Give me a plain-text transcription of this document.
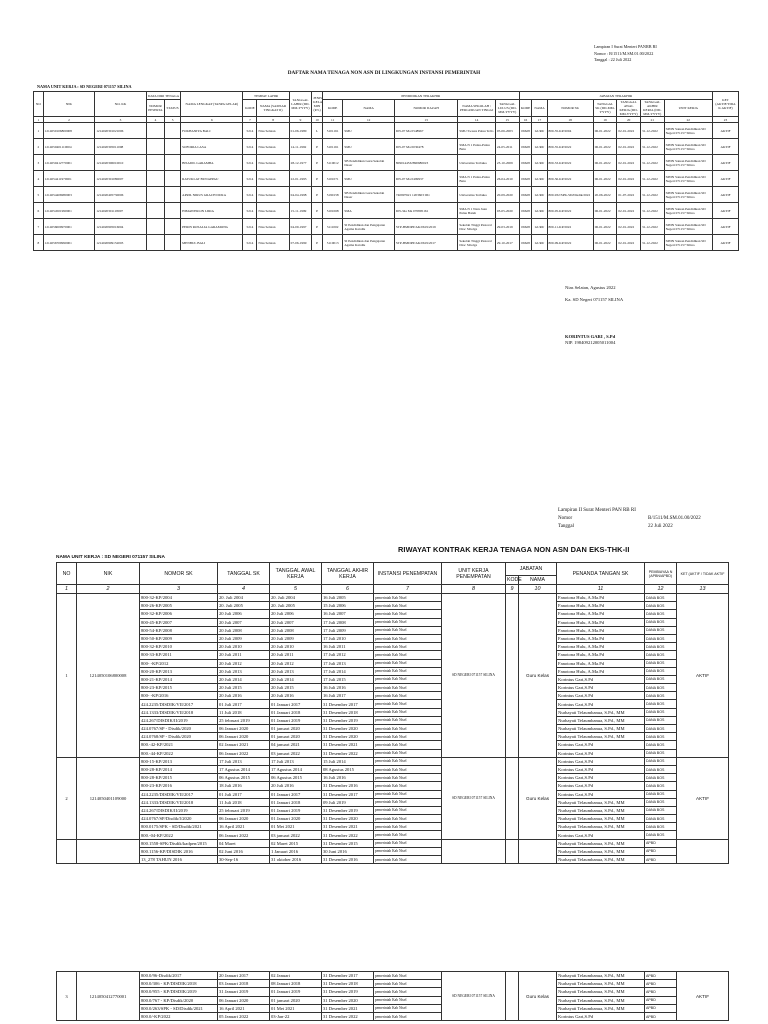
Lampiran I Surat Menteri PANRB RI
Nomor : B/1511/M.SM.01.00/2022
Tanggal : 22 Juli 2022
DAFTAR NAMA TENAGA NON ASN DI LINGKUNGAN INSTANSI PEMERINTAH
NAMA UNIT KERJA : SD NEGERI 071157 SILINA
NO	NIK	NO. KK	DATA DIRI TENAGA		NAMA LENGKAP (TANPA GELAR)	TEMPAT LAHIR		TANGGAL LAHIR (DD-MM-YYYY)	JENIS KELA MIN (P/L)	PENDIDIKAN TERAKHIR					JABATAN TERAKHIR							KET (AKTIF/TIDA K AKTIF)
			NOMOR PESERTA	STATUS		KODE	NAMA (SAMSAR TINGKAT II)			KODE	NAMA	NOMOR IJAZAH	NAMA SEKOLAH / PERGURUAN TINGGI	TANGGAL LULUS (DD-MM-YYYY)	KODE	NAMA	NOMOR SK	TANGGAL SK (DD-MM-YYYY)	TANGGAL AWAL KERJA (DD-MM-YYYY)	TANGGAL AKHIR KERJA (DD-MM-YYYY)	UNIT KERJA	

1	2	3	4	5	6	7	8	9	10	11	12	13	14	15	16	17	18	19	20	21	22	23
1	1214050106800008	1214020301021006			FOKHANIYA BALI	5214	Nias Selatan	01-06-1980	L	5101161	SMU	DN-07 Ma 0548967	SMU Swasta Pulau Tello	05-06-2003	06628	GURU	800-35-KP/2004	06-01-2022	02-01-2022	31-12-2022	SPDN Satuan Pendidikan SD Negeri 071157 Silina	AKTIF
2	1214050401110004	1214020305011008			SOFORIA LASA	5214	Nias Selatan	14-11-1992	P	5101161	SMU	DN-07 Ma 0030478	SMA N 1 Pulau-Pulau Batu	24-05-2011	06628	GURU	800-35-KP/2022	06-01-2022	02-01-2022	31-12-2022	SPDN Satuan Pendidikan SD Negeri 071157 Silina	AKTIF
3	1214050412770001	1214020306010010			BISADIL GARAMBA	5214	Nias Selatan	28-12-1977	P	5110012	SB Pendidikan Guru Sekolah Dasar	8090144532890680023	Universitas Terbuka	23-10-2009	06628	GURU	800-33-KP/2022	06-01-2022	02-01-2022	31-12-2022	SPDN Satuan Pendidikan SD Negeri 071157 Silina	AKTIF
4	1214054411970001	1214020301080007			RATUKLAT BUNAPPAU	5214	Nias Selatan	22-01-1993	P	5101071	SMU	DN-07 Ma 0499937	SMA N 1 Pulau-Pulau Batu	26-04-2010	06628	GURU	800-36-KP/2022	06-01-2022	02-01-2022	31-12-2022	SPDN Satuan Pendidikan SD Negeri 071157 Silina	AKTIF
5	1214054406980003	1214020405730006			APRIL NIRUS GRACH DURA	5214	Nias Selatan	04-04-1998	P	5190158	SB Pendidikan Guru Sekolah Dasar	740997621 1203603 061	Universitas Terbuka	20-09-2020	06628	GURU	800-932/SPK-SD/Disdik/2022	20-06-2022	01-07-2022	31-12-2022	SPDN Satuan Pendidikan SD Negeri 071157 Silina	AKTIF
6	1214054501990001	1214020301118007			HIMAWERLIN LIRIA	5214	Nias Selatan	15-11-1999	P	5101068	SMA	DN-34a Ma 070895161	SMA N 1 Naru Juan Pulau Batuh	03-05-2020	06628	GURU	800-05-KP/2022	06-01-2022	02-01-2022	31-12-2022	SPDN Satuan Pendidikan SD Negeri 071157 Silina	AKTIF
7	1214056009970001	1214020905016004			PERIN ROSALIA GARAMONG	5214	Nias Selatan	04-09-1997	P	5111002	SI Pendidikan dan Pengajaran Agama Katolik	STP-BMDPP/AK/0619/2019	Sekolah Tinggi Pastoral Dioc Sibolga	29-03-2019	06628	GURU	800-11-KP/2022	06-01-2022	02-01-2022	31-12-2022	SPDN Satuan Pendidikan SD Negeri 071157 Silina	AKTIF
8	1214056709990001	1214020909152003			MENBUL BALI	5214	Nias Selatan	07-06-1999	P	5110013	SI Pendidikan dan Pengajaran Agama Katolik	STP-BMDPP/AK/0619/2017	Sekolah Tinggi Pastoral Dioc Sibolga	29-10-2017	06628	GURU	800-09-KP/2022	06-01-2022	02-01-2022	31-12-2022	SPDN Satuan Pendidikan SD Negeri 071157 Silina	AKTIF
Nias Selatan, Agustus 2022
Ka. SD Negeri 071157 SILINA
KORINTUS GARI , S.Pd
NIP. 198409212005011004
Lampiran II Surat Menteri PAN RB RI
Nomor	B/1511/M.SM.01.00/2022
Tanggal	22 Juli 2022
RIWAYAT KONTRAK KERJA TENAGA NON ASN DAN EKS-THK-II
NAMA UNIT KERJA : SD NEGERI 071157 SILINA
NO	NIK	NOMOR SK	TANGGAL SK	TANGGAL AWAL KERJA	TANGGAL AKHIR KERJA	INSTANSI PENEMPATAN	UNIT KERJA PENEMPATAN	JABATAN		PENANDA TANGAN SK	PEMBIAYAA N (APBN/APBD)	KET (AKTIF / TIDAK AKTIF
								KODE	NAMA			
1	2	3	4	5	6	7	8	9	10	11	12	13
1	1214050106800008	800-32-KP/2004	20. Juli 2004	20. Juli 2004	16 Juli 2005	pemerintah Kab Nisel	SD NEGERI 071157 SILINA		Guru Kelas	Fanotona Hulu, A.Ma.Pd	DANA BOS	AKTIF
		800-26-KP/2005	20. Juli 2005	20. Juli 2005	15 Juli 2006	pemerintah Kab Nisel				Fanotona Hulu, A.Ma.Pd	DANA BOS	
		800-32-KP/2006	20 Juli 2006	20 Juli 2006	16 Juli 2007	pemerintah Kab Nisel				Fanotona Hulu, A.Ma.Pd	DANA BOS	
		800-45-KP/2007	20 Juli 2007	20 Juli 2007	17 Juli 2008	pemerintah Kab Nisel				Fanotona Hulu, A.Ma.Pd	DANA BOS	
		800-54-KP/2008	20 Juli 2008	20 Juli 2008	17 Juli 2009	pemerintah Kab Nisel				Fanotona Hulu, A.Ma.Pd	DANA BOS	
		800-50-KP/2009	20 Juli 2009	20 Juli 2009	17 Juli 2010	pemerintah Kab Nisel				Fanotona Hulu, A.Ma.Pd	DANA BOS	
		800-32-KP/2010	20 Juli 2010	20 Juli 2010	16 Juli 2011	pemerintah Kab Nisel				Fanotona Hulu, A.Ma.Pd	DANA BOS	
		800-33-KP/2011	20 Juli 2011	20 Juli 2011	17 Juli 2012	pemerintah Kab Nisel				Fanotona Hulu, A.Ma.Pd	DANA BOS	
		800- -KP/2012	20 Juli 2012	20 Juli 2012	17 Juli 2013	pemerintah Kab Nisel				Fanotona Hulu, A.Ma.Pd	DANA BOS	
		800-20-KP/2013	20 Juli 2013	20 Juli 2013	17 Juli 2014	pemerintah Kab Nisel				Fanotona Hulu, A.Ma.Pd	DANA BOS	
		800-21-KP/2014	20 Juli 2014	20 Juli 2014	17 Juli 2015	pemerintah Kab Nisel				Korintus Gari,S.Pd	DANA BOS	
		800-23-KP/2015	20 Juli 2015	20 Juli 2015	16 Juli 2016	pemerintah Kab Nisel				Korintus Gari,S.Pd	DANA BOS	
		800- -KP/2016	20 Juli 2016	20 Juli 2016	16 Juli 2017	pemerintah Kab Nisel				Korintus Gari,S.Pd	DANA BOS	
		424.2235/DISDIK/VII/2017	01 Juli 2017	01 Januari 2017	31 Desember 2017	pemerintah Kab Nisel				Korintus Gari,S.Pd	DANA BOS	
		424.1333/DISDIK/VII/2018	11 Juli 2018	01 Januari 2018	31 Desember 2018	pemerintah Kab Nisel				Nurhayati Telaumbanua, S.Pd., MM	DANA BOS	
		424.267/DISDIK/II/2019	25 februari 2019	01 Januari 2019	31 Desember 2019	pemerintah Kab Nisel				Nurhayati Telaumbanua, S.Pd., MM	DANA BOS	
		424.0767/SP - Disdik/2020	06 Januari 2020	01 januari 2020	31 Desember 2020	pemerintah Kab Nisel				Nurhayati Telaumbanua, S.Pd., MM	DANA BOS	
		424.0768/SP - Disdik/2020	06 Januari 2020	01 januari 2020	31 Desember 2020	pemerintah Kab Nisel				Nurhayati Telaumbanua, S.Pd., MM	DANA BOS	
		800.-42-KP/2021	02 Januari 2021	04 januari 2021	31 Desember 2021	pemerintah Kab Nisel				Korintus Gari,S.Pd	DANA BOS	
		800.-44-KP/2022	06 Januari 2022	03 januari 2022	31 Desember 2022	pemerintah Kab Nisel				Korintus Gari,S.Pd	DANA BOS	
2	1214050401109000	800-15-KP/2013	17 Juli 2013	17 Juli 2013	15 Juli 2014	pemerintah Kab Nisel	SD NEGERI 071157 SILINA		Guru Kelas	Korintus Gari,S.Pd	DANA BOS	AKTIF
		800-28-KP/2014	17 Agustus 2014	17 Agustus 2014	08 Agustus 2015	pemerintah Kab Nisel				Korintus Gari,S.Pd	DANA BOS	
		800-28-KP/2015	06 Agustus 2015	06 Agustus 2015	16 Juli 2016	pemerintah Kab Nisel				Korintus Gari,S.Pd	DANA BOS	
		800-23-KP/2016	18 Juli 2016	20 Juli 2016	31 Desember 2016	pemerintah Kab Nisel				Korintus Gari,S.Pd	DANA BOS	
		424.2235/DISDIK/VII/2017	01 Juli 2017	01 Januari 2017	31 Desember 2017	pemerintah Kab Nisel				Korintus Gari,S.Pd	DANA BOS	
		424.1333/DISDIK/VII/2018	11 Juli 2018	01 Januari 2018	09 Juli 2019	pemerintah Kab Nisel				Nurhayati Telaumbanua, S.Pd., MM	DANA BOS	
		424.267/DISDIK/II/2019	25 februari 2019	01 Januari 2019	31 Desember 2019	pemerintah Kab Nisel				Nurhayati Telaumbanua, S.Pd., MM	DANA BOS	
		424.0767/SP/Disdik/I/2020	06 Januari 2020	01 Januari 2020	31 Desember 2020	pemerintah Kab Nisel				Nurhayati Telaumbanua, S.Pd., MM	DANA BOS	
		800.0175/SPK - SD/Disdik/2021	16 April 2021	01 Mei 2021	31 Desember 2021	pemerintah Kab Nisel				Nurhayati Telaumbanua, S.Pd., MM	DANA BOS	
		800.-04-KP/2022	06 Januari 2022	03 januari 2022	31 Desember 2022	pemerintah Kab Nisel				Korintus Gari,S.Pd	DANA BOS	
		800.1558-SPK/Disdik/kadpen/2015	04 Maret	02 Maret 2015	31 Desember 2015	pemerintah Kab Nisel				Nurhayati Telaumbanua, S.Pd., MM	APBD	
		800.1156-KP/DISDIK 2016	02 Juni 2016	1 Januari 2016	30 Juni 2016	pemerintah Kab Nisel				Nurhayati Telaumbanua, S.Pd., MM	APBD	
		13_278 TAHUN 2016	30-Sep-16	31 oktober 2016	31 Desember 2016	pemerintah Kab Nisel				Nurhayati Telaumbanua, S.Pd., MM	APBD	
3	1214050412770001	800.0/96-Disdik/2017	20 Januari 2017	02 Januari	31 Desember 2017	pemerintah Kab Nisel	SD NEGERI 071157 SILINA		Guru Kelas	Nurhayati Telaumbanua, S.Pd., MM	APBD	AKTIF
		800.0/306 - KP/DISDIK/2018	03 Januari 2018	08 Januari 2018	31 Desember 2018	pemerintah Kab Nisel				Nurhayati Telaumbanua, S.Pd., MM	APBD	
		800.0/955 - KP/DISDIK/2019	31 Januari 2019	01 Januari 2019	31 Desember 2019	pemerintah Kab Nisel				Nurhayati Telaumbanua, S.Pd., MM	APBD	
		800.0/767 - KP/Disdik/2020	06 Januari 2020	01 januari 2020	31 Desember 2020	pemerintah Kab Nisel				Nurhayati Telaumbanua, S.Pd., MM	APBD	
		800.0/263/SPK - SD/Disdik/2021	16 April 2021	01 Mei 2021	31 Desember 2021	pemerintah Kab Nisel				Nurhayati Telaumbanua, S.Pd., MM	APBD	
		800.0/-KP/2022	05 Januari 2022	03-Jan-22	31 Desember 2022	pemerintah Kab Nisel				Korintus Gari,S.Pd	APBD	
